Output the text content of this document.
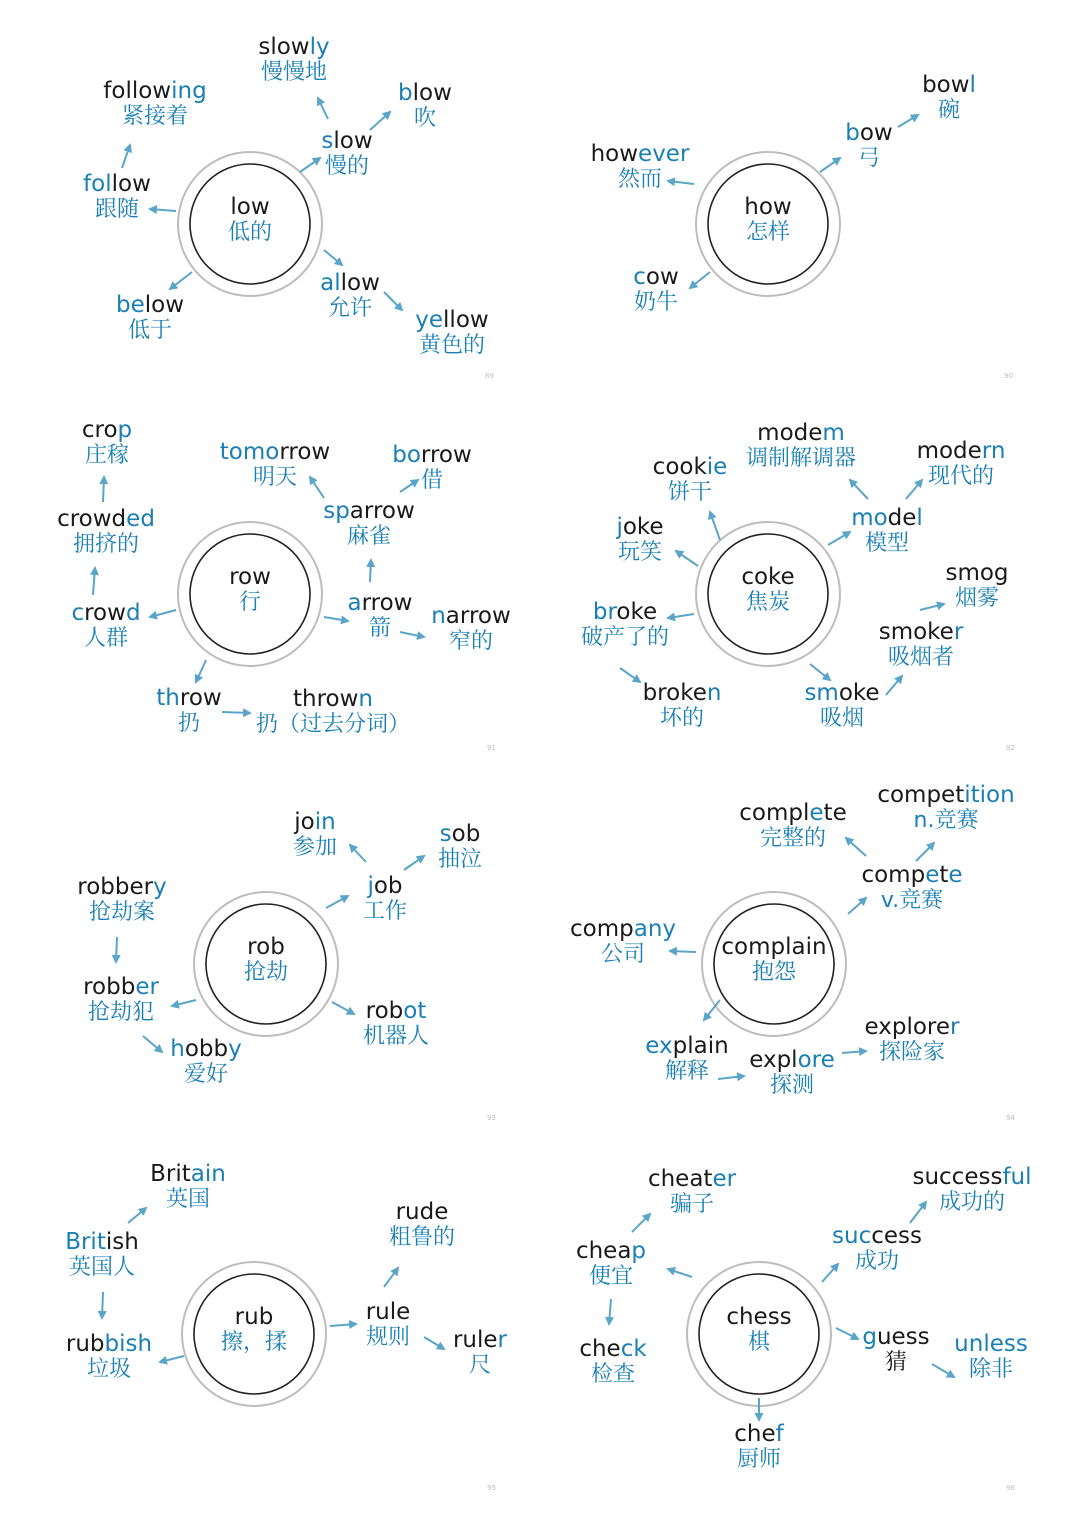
low
低的
slowly
慢慢地
following
紧接着
blow
吹
slow
慢的
follow
跟随
allow
允许
below
低于	yellow
黄色的
89
how
怎样
bowl
碗
bow
弓
however
然而
cow
奶牛
90
row
行
crop
庄稼	tomorrow
明天
borrow
借
crowded
拥挤的
sparrow
麻雀
crowd
人群
arrow
箭	narrow
窄的
throw
扔
thrown
扔（过去分词）
91
coke
焦炭
modem
调制解调器
cookie
饼干
modern
现代的
joke
玩笑
model
模型
smog
烟雾
broke
破产了的	smoker
吸烟者
broken
坏的
smoke
吸烟
92
rob
抢劫
join
参加
sob
抽泣
robbery
抢劫案
job
工作
robber
抢劫犯	robot
机器人
hobby
爱好
93
complain
抱怨
competition
n.竞赛
complete
完整的
compete
v.竞赛
company
公司
explorer
探险家
explain
解释	explore
探测
94
rub
擦，揉
Britain
英国	rude
粗鲁的
British
英国人
rule
规则 ruler
尺
rubbish
垃圾
95
chess
棋
cheater
骗子
successful
成功的
success
成功
cheap
便宜
guess
猜
unless
除非
check
检查
chef
厨师
96
